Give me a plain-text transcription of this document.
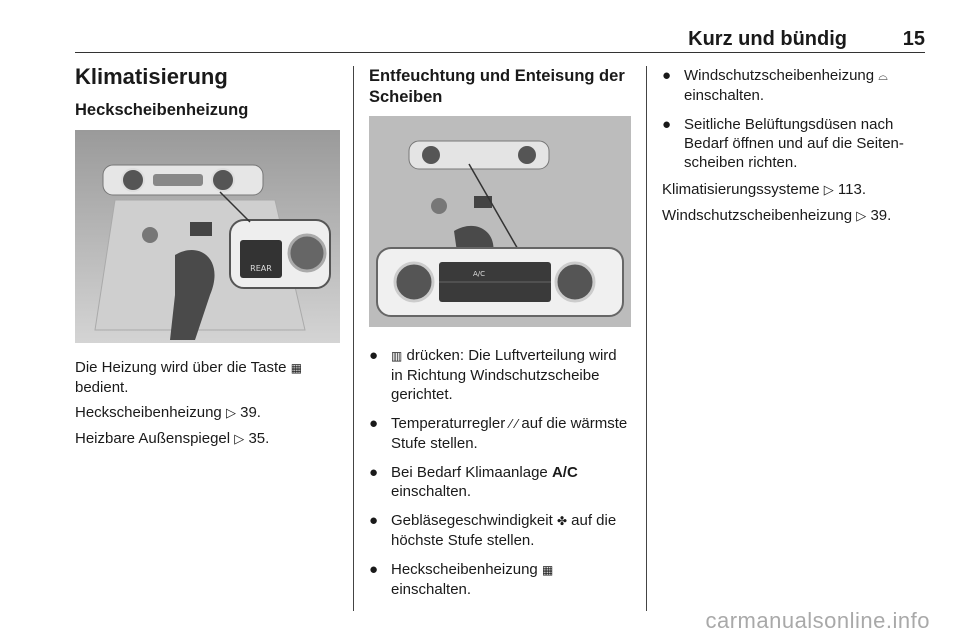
Kurz und bündig	15
Klimatisierung
Heckscheibenheizung
REAR

Die Heizung wird über die Taste ▦
bedient.

Heckscheibenheizung ▷ 39.

Heizbare Außenspiegel ▷ 35.

Entfeuchtung und Enteisung der Scheiben
A/C
● ▥ drücken: Die Luftverteilung wird in Richtung Windschutzscheibe gerichtet.
● Temperaturregler ⁄ ⁄ auf die wärmste Stufe stellen.
● Bei Bedarf Klimaanlage A/C einschalten.
● Gebläsegeschwindigkeit ✤ auf die höchste Stufe stellen.
● Heckscheibenheizung ▦ einschalten.
● Windschutzscheibenheizung ⌓ einschalten.
● Seitliche Belüftungsdüsen nach Bedarf öffnen und auf die Seitenscheiben richten.

Klimatisierungssysteme ▷ 113.

Windschutzscheibenheizung ▷ 39.

carmanualsonline.info
